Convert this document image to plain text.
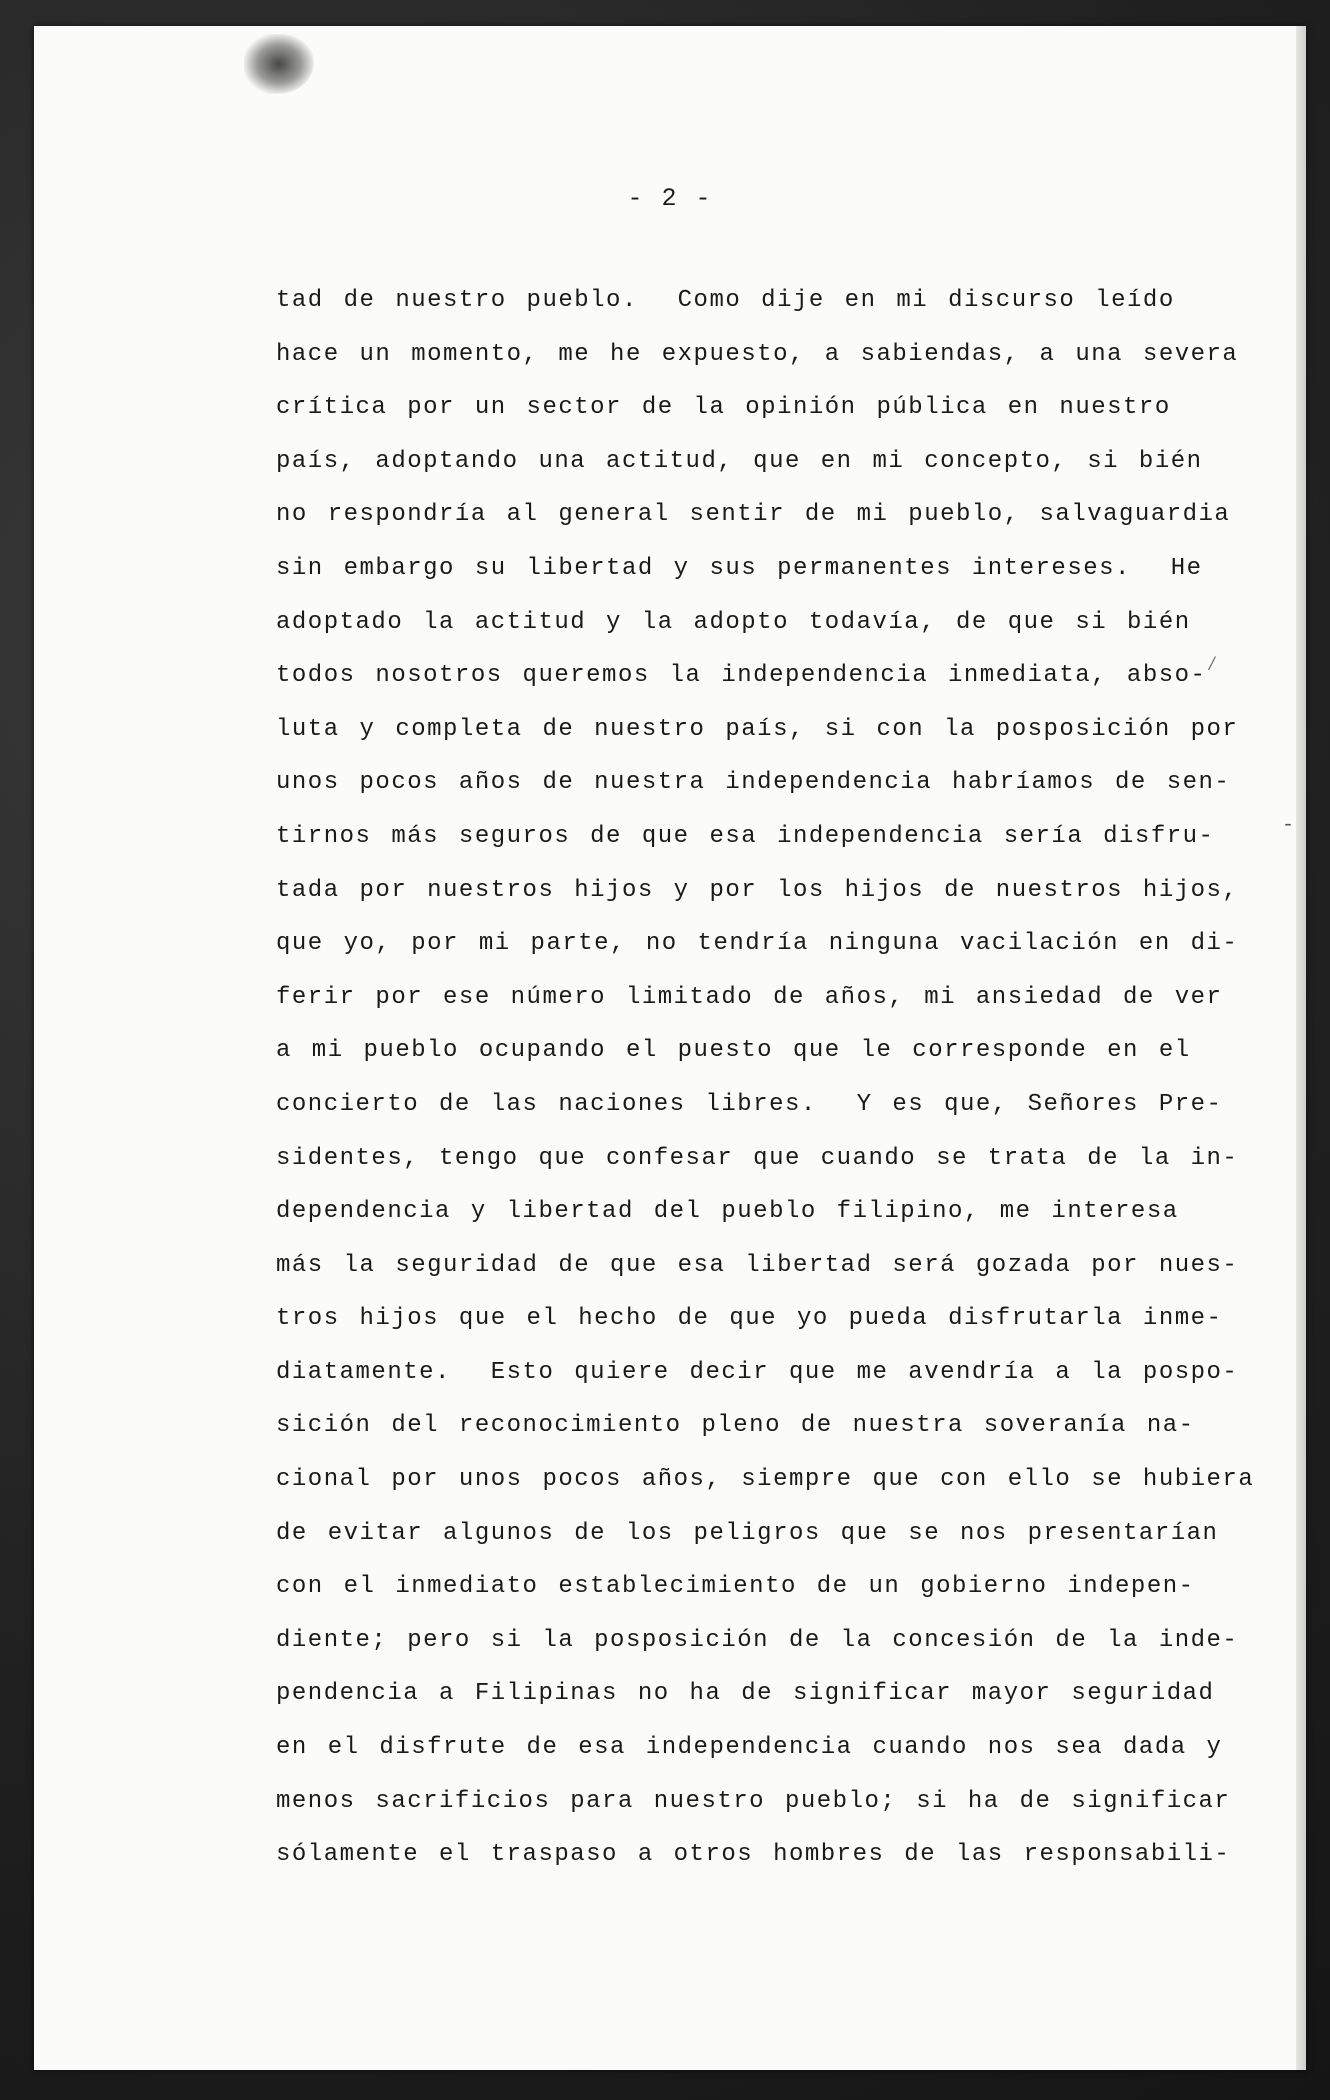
- 2 -
⁄
-
tad de nuestro pueblo.  Como dije en mi discurso leído
hace un momento, me he expuesto, a sabiendas, a una severa
crítica por un sector de la opinión pública en nuestro
país, adoptando una actitud, que en mi concepto, si bién
no respondría al general sentir de mi pueblo, salvaguardia
sin embargo su libertad y sus permanentes intereses.  He
adoptado la actitud y la adopto todavía, de que si bién
todos nosotros queremos la independencia inmediata, abso-
luta y completa de nuestro país, si con la posposición por
unos pocos años de nuestra independencia habríamos de sen-
tirnos más seguros de que esa independencia sería disfru-
tada por nuestros hijos y por los hijos de nuestros hijos,
que yo, por mi parte, no tendría ninguna vacilación en di-
ferir por ese número limitado de años, mi ansiedad de ver
a mi pueblo ocupando el puesto que le corresponde en el
concierto de las naciones libres.  Y es que, Señores Pre-
sidentes, tengo que confesar que cuando se trata de la in-
dependencia y libertad del pueblo filipino, me interesa
más la seguridad de que esa libertad será gozada por nues-
tros hijos que el hecho de que yo pueda disfrutarla inme-
diatamente.  Esto quiere decir que me avendría a la pospo-
sición del reconocimiento pleno de nuestra soveranía na-
cional por unos pocos años, siempre que con ello se hubiera
de evitar algunos de los peligros que se nos presentarían
con el inmediato establecimiento de un gobierno indepen-
diente; pero si la posposición de la concesión de la inde-
pendencia a Filipinas no ha de significar mayor seguridad
en el disfrute de esa independencia cuando nos sea dada y
menos sacrificios para nuestro pueblo; si ha de significar
sólamente el traspaso a otros hombres de las responsabili-
